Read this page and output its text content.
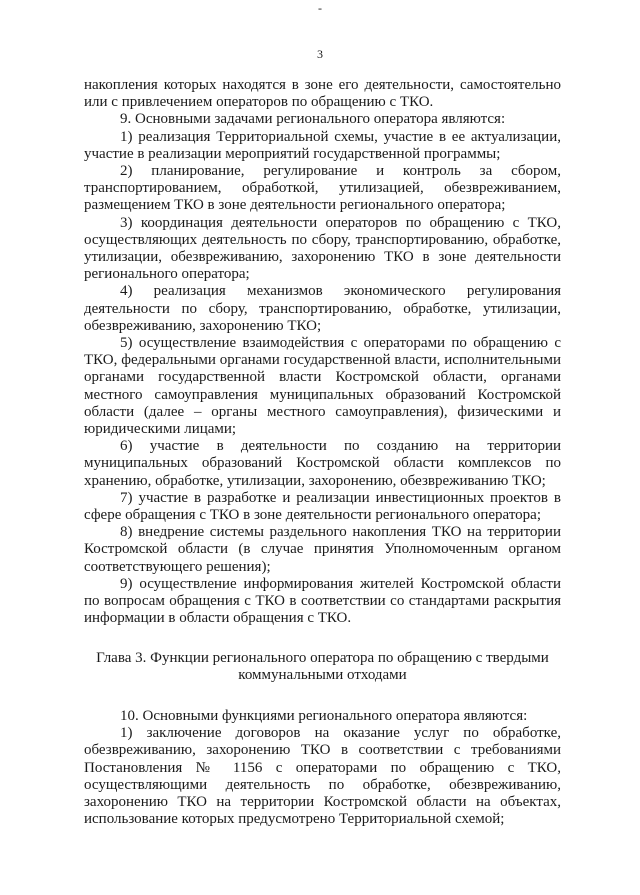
-
3

накопления которых находятся в зоне его деятельности, самостоятельно или с привлечением операторов по обращению с ТКО.

9. Основными задачами регионального оператора являются:

1) реализация Территориальной схемы, участие в ее актуализации, участие в реализации мероприятий государственной программы;

2) планирование, регулирование и контроль за сбором, транспортированием, обработкой, утилизацией, обезвреживанием, размещением ТКО в зоне деятельности регионального оператора;

3) координация деятельности операторов по обращению с ТКО, осуществляющих деятельность по сбору, транспортированию, обработке, утилизации, обезвреживанию, захоронению ТКО в зоне деятельности регионального оператора;

4) реализация механизмов экономического регулирования деятельности по сбору, транспортированию, обработке, утилизации, обезвреживанию, захоронению ТКО;

5) осуществление взаимодействия с операторами по обращению с ТКО, федеральными органами государственной власти, исполнительными органами государственной власти Костромской области, органами местного самоуправления муниципальных образований Костромской области (далее – органы местного самоуправления), физическими и юридическими лицами;

6) участие в деятельности по созданию на территории муниципальных образований Костромской области комплексов по хранению, обработке, утилизации, захоронению, обезвреживанию ТКО;

7) участие в разработке и реализации инвестиционных проектов в сфере обращения с ТКО в зоне деятельности регионального оператора;

8) внедрение системы раздельного накопления ТКО на территории Костромской области (в случае принятия Уполномоченным органом соответствующего решения);

9) осуществление информирования жителей Костромской области по вопросам обращения с ТКО в соответствии со стандартами раскрытия информации в области обращения с ТКО.

Глава 3. Функции регионального оператора по обращению с твердыми коммунальными отходами

10. Основными функциями регионального оператора являются:

1) заключение договоров на оказание услуг по обработке, обезвреживанию, захоронению ТКО в соответствии с требованиями Постановления № 1156 с операторами по обращению с ТКО, осуществляющими деятельность по обработке, обезвреживанию, захоронению ТКО на территории Костромской области на объектах, использование которых предусмотрено Территориальной схемой;
